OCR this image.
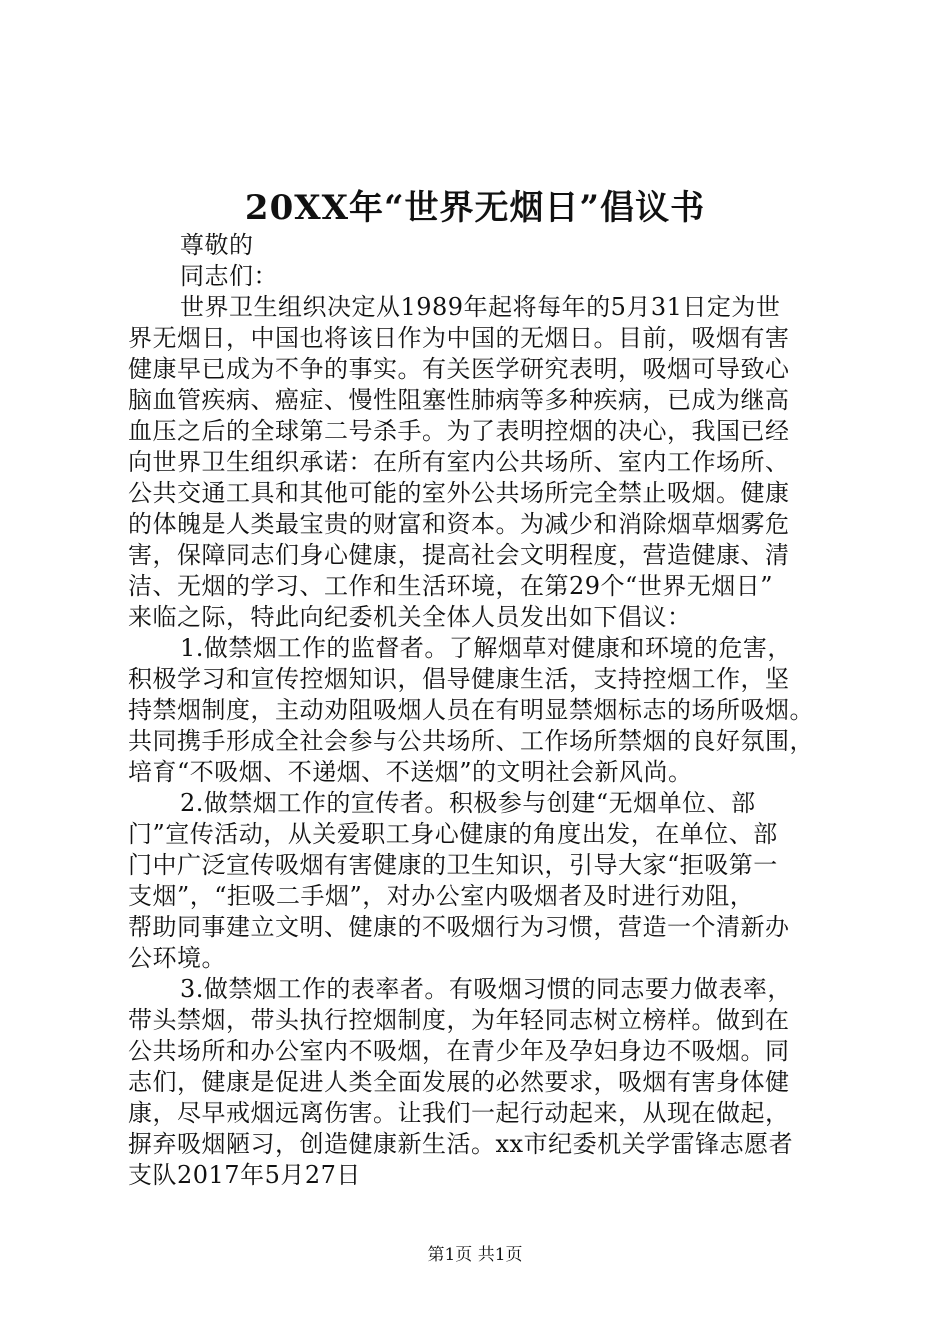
20XX年“世界无烟日”倡议书
尊敬的
同志们：
世界卫生组织决定从1989年起将每年的5月31日定为世
界无烟日，中国也将该日作为中国的无烟日。目前，吸烟有害
健康早已成为不争的事实。有关医学研究表明，吸烟可导致心
脑血管疾病、癌症、慢性阻塞性肺病等多种疾病，已成为继高
血压之后的全球第二号杀手。为了表明控烟的决心，我国已经
向世界卫生组织承诺：在所有室内公共场所、室内工作场所、
公共交通工具和其他可能的室外公共场所完全禁止吸烟。健康
的体魄是人类最宝贵的财富和资本。为减少和消除烟草烟雾危
害，保障同志们身心健康，提高社会文明程度，营造健康、清
洁、无烟的学习、工作和生活环境，在第29个“世界无烟日”
来临之际，特此向纪委机关全体人员发出如下倡议：
1.做禁烟工作的监督者。了解烟草对健康和环境的危害，
积极学习和宣传控烟知识，倡导健康生活，支持控烟工作，坚
持禁烟制度，主动劝阻吸烟人员在有明显禁烟标志的场所吸烟。
共同携手形成全社会参与公共场所、工作场所禁烟的良好氛围，
培育“不吸烟、不递烟、不送烟”的文明社会新风尚。
2.做禁烟工作的宣传者。积极参与创建“无烟单位、部
门”宣传活动，从关爱职工身心健康的角度出发，在单位、部
门中广泛宣传吸烟有害健康的卫生知识，引导大家“拒吸第一
支烟”，“拒吸二手烟”，对办公室内吸烟者及时进行劝阻，
帮助同事建立文明、健康的不吸烟行为习惯，营造一个清新办
公环境。
3.做禁烟工作的表率者。有吸烟习惯的同志要力做表率，
带头禁烟，带头执行控烟制度，为年轻同志树立榜样。做到在
公共场所和办公室内不吸烟，在青少年及孕妇身边不吸烟。同
志们，健康是促进人类全面发展的必然要求，吸烟有害身体健
康，尽早戒烟远离伤害。让我们一起行动起来，从现在做起，
摒弃吸烟陋习，创造健康新生活。xx市纪委机关学雷锋志愿者
支队2017年5月27日
第1页 共1页
